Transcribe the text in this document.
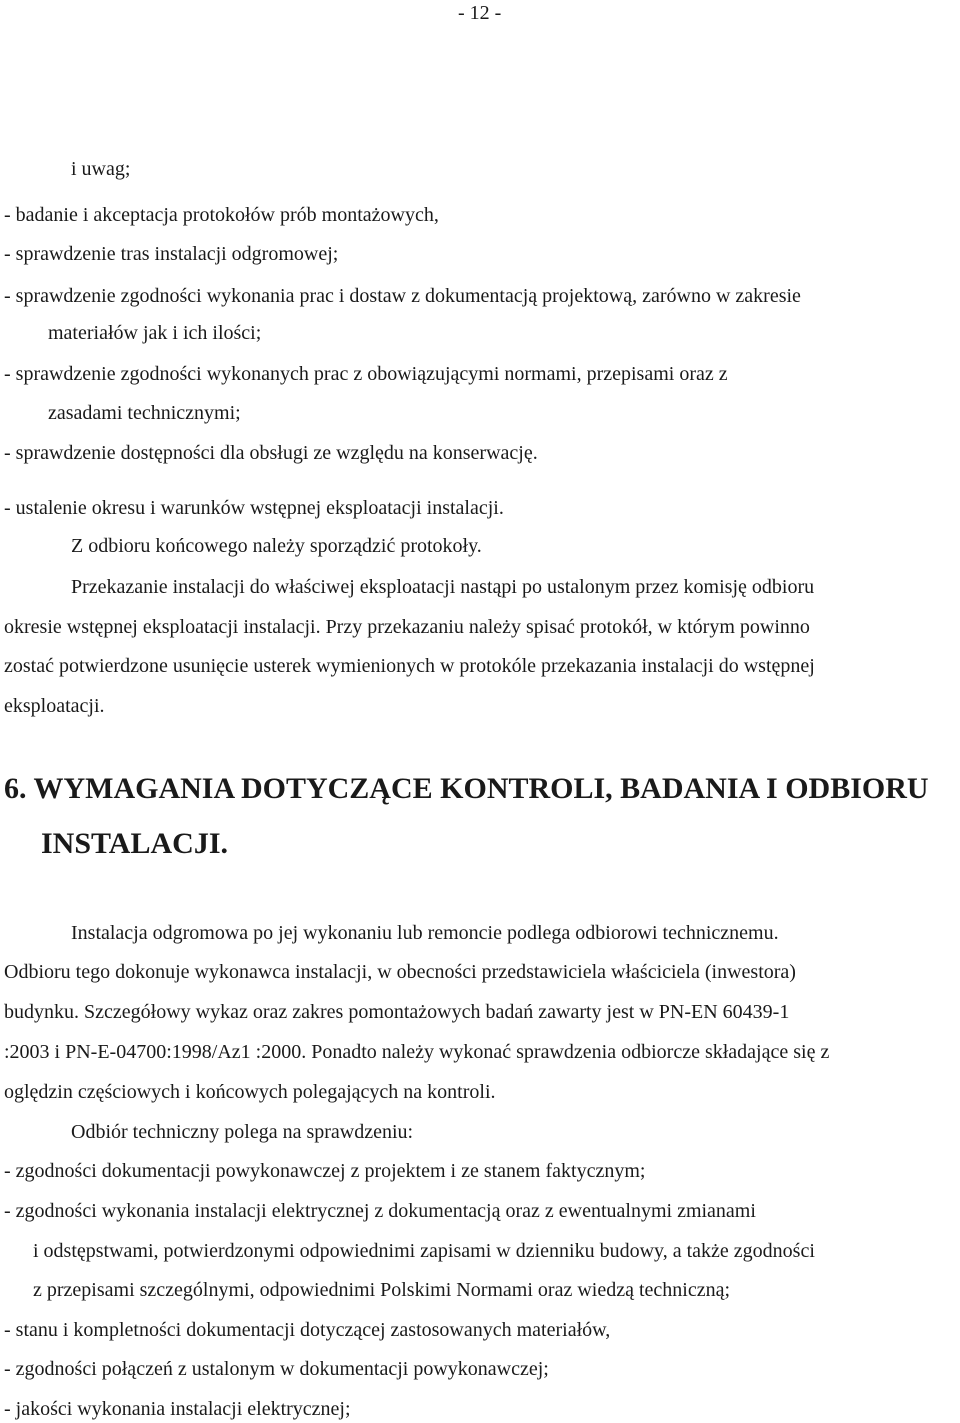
- 12 -

i uwag;

- badanie i akceptacja protokołów prób montażowych,

- sprawdzenie tras instalacji odgromowej;

- sprawdzenie zgodności wykonania prac i dostaw z dokumentacją projektową, zarówno w zakresie

materiałów jak i ich ilości;

- sprawdzenie zgodności wykonanych prac z obowiązującymi normami, przepisami oraz z

zasadami technicznymi;

- sprawdzenie dostępności dla obsługi ze względu na konserwację.

- ustalenie okresu i warunków wstępnej eksploatacji instalacji.

Z odbioru końcowego należy sporządzić protokoły.

Przekazanie instalacji do właściwej eksploatacji nastąpi po ustalonym przez komisję odbioru

okresie wstępnej eksploatacji instalacji. Przy przekazaniu należy spisać protokół, w którym powinno

zostać potwierdzone usunięcie usterek wymienionych w protokóle przekazania instalacji do wstępnej

eksploatacji.

6. WYMAGANIA DOTYCZĄCE KONTROLI, BADANIA I ODBIORU
INSTALACJI.

Instalacja odgromowa po jej wykonaniu lub remoncie podlega odbiorowi technicznemu.

Odbioru tego dokonuje wykonawca instalacji, w obecności przedstawiciela właściciela (inwestora)

budynku. Szczegółowy wykaz oraz zakres pomontażowych badań zawarty jest w PN-EN 60439-1

:2003 i PN-E-04700:1998/Az1 :2000. Ponadto należy wykonać sprawdzenia odbiorcze składające się z

oględzin częściowych i końcowych polegających na kontroli.

Odbiór techniczny polega na sprawdzeniu:

- zgodności dokumentacji powykonawczej z projektem i ze stanem faktycznym;

- zgodności wykonania instalacji elektrycznej z dokumentacją oraz z ewentualnymi zmianami

i odstępstwami, potwierdzonymi odpowiednimi zapisami w dzienniku budowy, a także zgodności

z przepisami szczególnymi, odpowiednimi Polskimi Normami oraz wiedzą techniczną;

- stanu i kompletności dokumentacji dotyczącej zastosowanych materiałów,

- zgodności połączeń z ustalonym w dokumentacji powykonawczej;

- jakości wykonania instalacji elektrycznej;
